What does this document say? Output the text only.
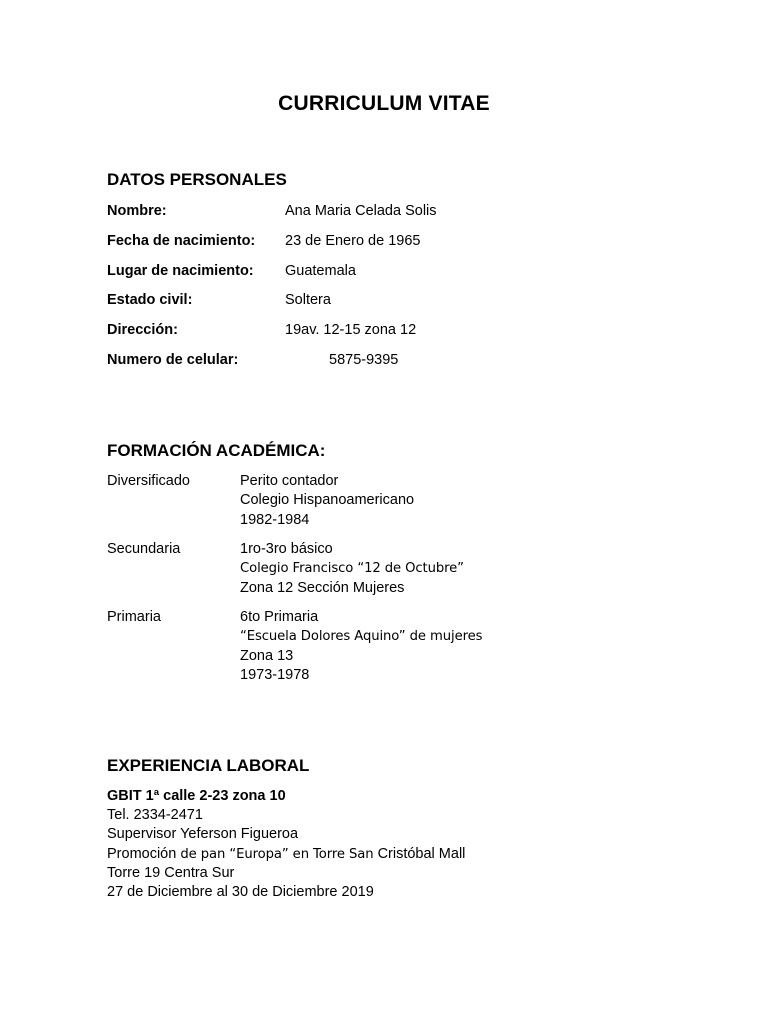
CURRICULUM VITAE
DATOS PERSONALES
Nombre:	Ana Maria Celada Solis
Fecha de nacimiento: 23 de Enero de 1965
Lugar de nacimiento: Guatemala
Estado civil:	Soltera
Dirección:	19av. 12-15 zona 12
Numero de celular:	5875-9395
FORMACIÓN ACADÉMICA:
Diversificado	Perito contador
Colegio Hispanoamericano
1982-1984
Secundaria	1ro-3ro básico
Colegio Francisco “12 de Octubre”
Zona 12 Sección Mujeres
Primaria	6to Primaria
“Escuela Dolores Aquino” de mujeres
Zona 13
1973-1978
EXPERIENCIA LABORAL
GBIT 1ª calle 2-23 zona 10
Tel. 2334-2471
Supervisor Yeferson Figueroa
Promoción de pan “Europa” en Torre San Cristóbal Mall
Torre 19 Centra Sur
27 de Diciembre al 30 de Diciembre 2019
